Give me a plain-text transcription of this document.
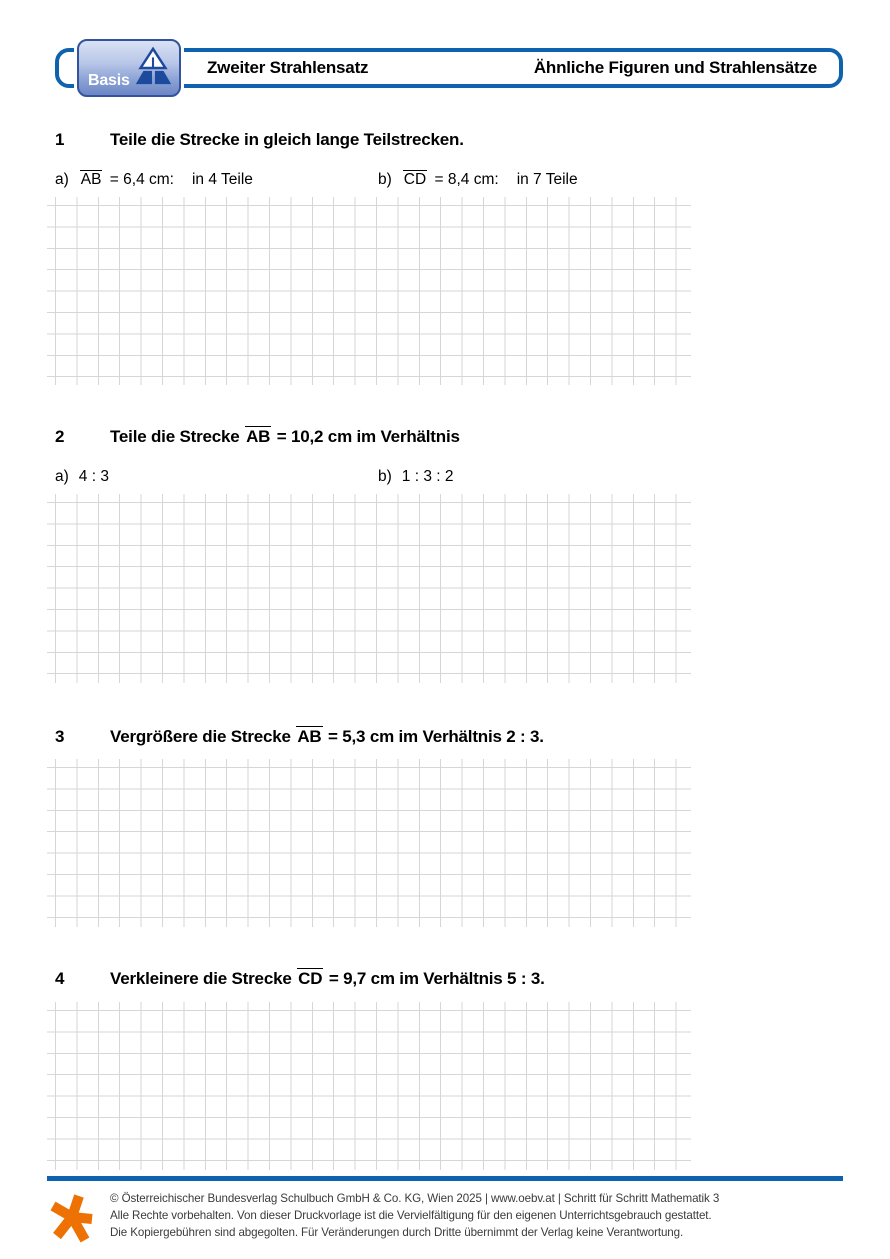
Basis
Zweiter Strahlensatz	Ähnliche Figuren und Strahlensätze
1	Teile die Strecke in gleich lange Teilstrecken.
a) AB = 6,4 cm: in 4 Teile	b) CD = 8,4 cm: in 7 Teile
2	Teile die Strecke AB = 10,2 cm im Verhältnis
a) 4 : 3	b) 1 : 3 : 2
3	Vergrößere die Strecke AB = 5,3 cm im Verhältnis 2 : 3.
4	Verkleinere die Strecke CD = 9,7 cm im Verhältnis 5 : 3.
© Österreichischer Bundesverlag Schulbuch GmbH & Co. KG, Wien 2025 | www.oebv.at | Schritt für Schritt Mathematik 3
Alle Rechte vorbehalten. Von dieser Druckvorlage ist die Vervielfältigung für den eigenen Unterrichtsgebrauch gestattet.
Die Kopiergebühren sind abgegolten. Für Veränderungen durch Dritte übernimmt der Verlag keine Verantwortung.
